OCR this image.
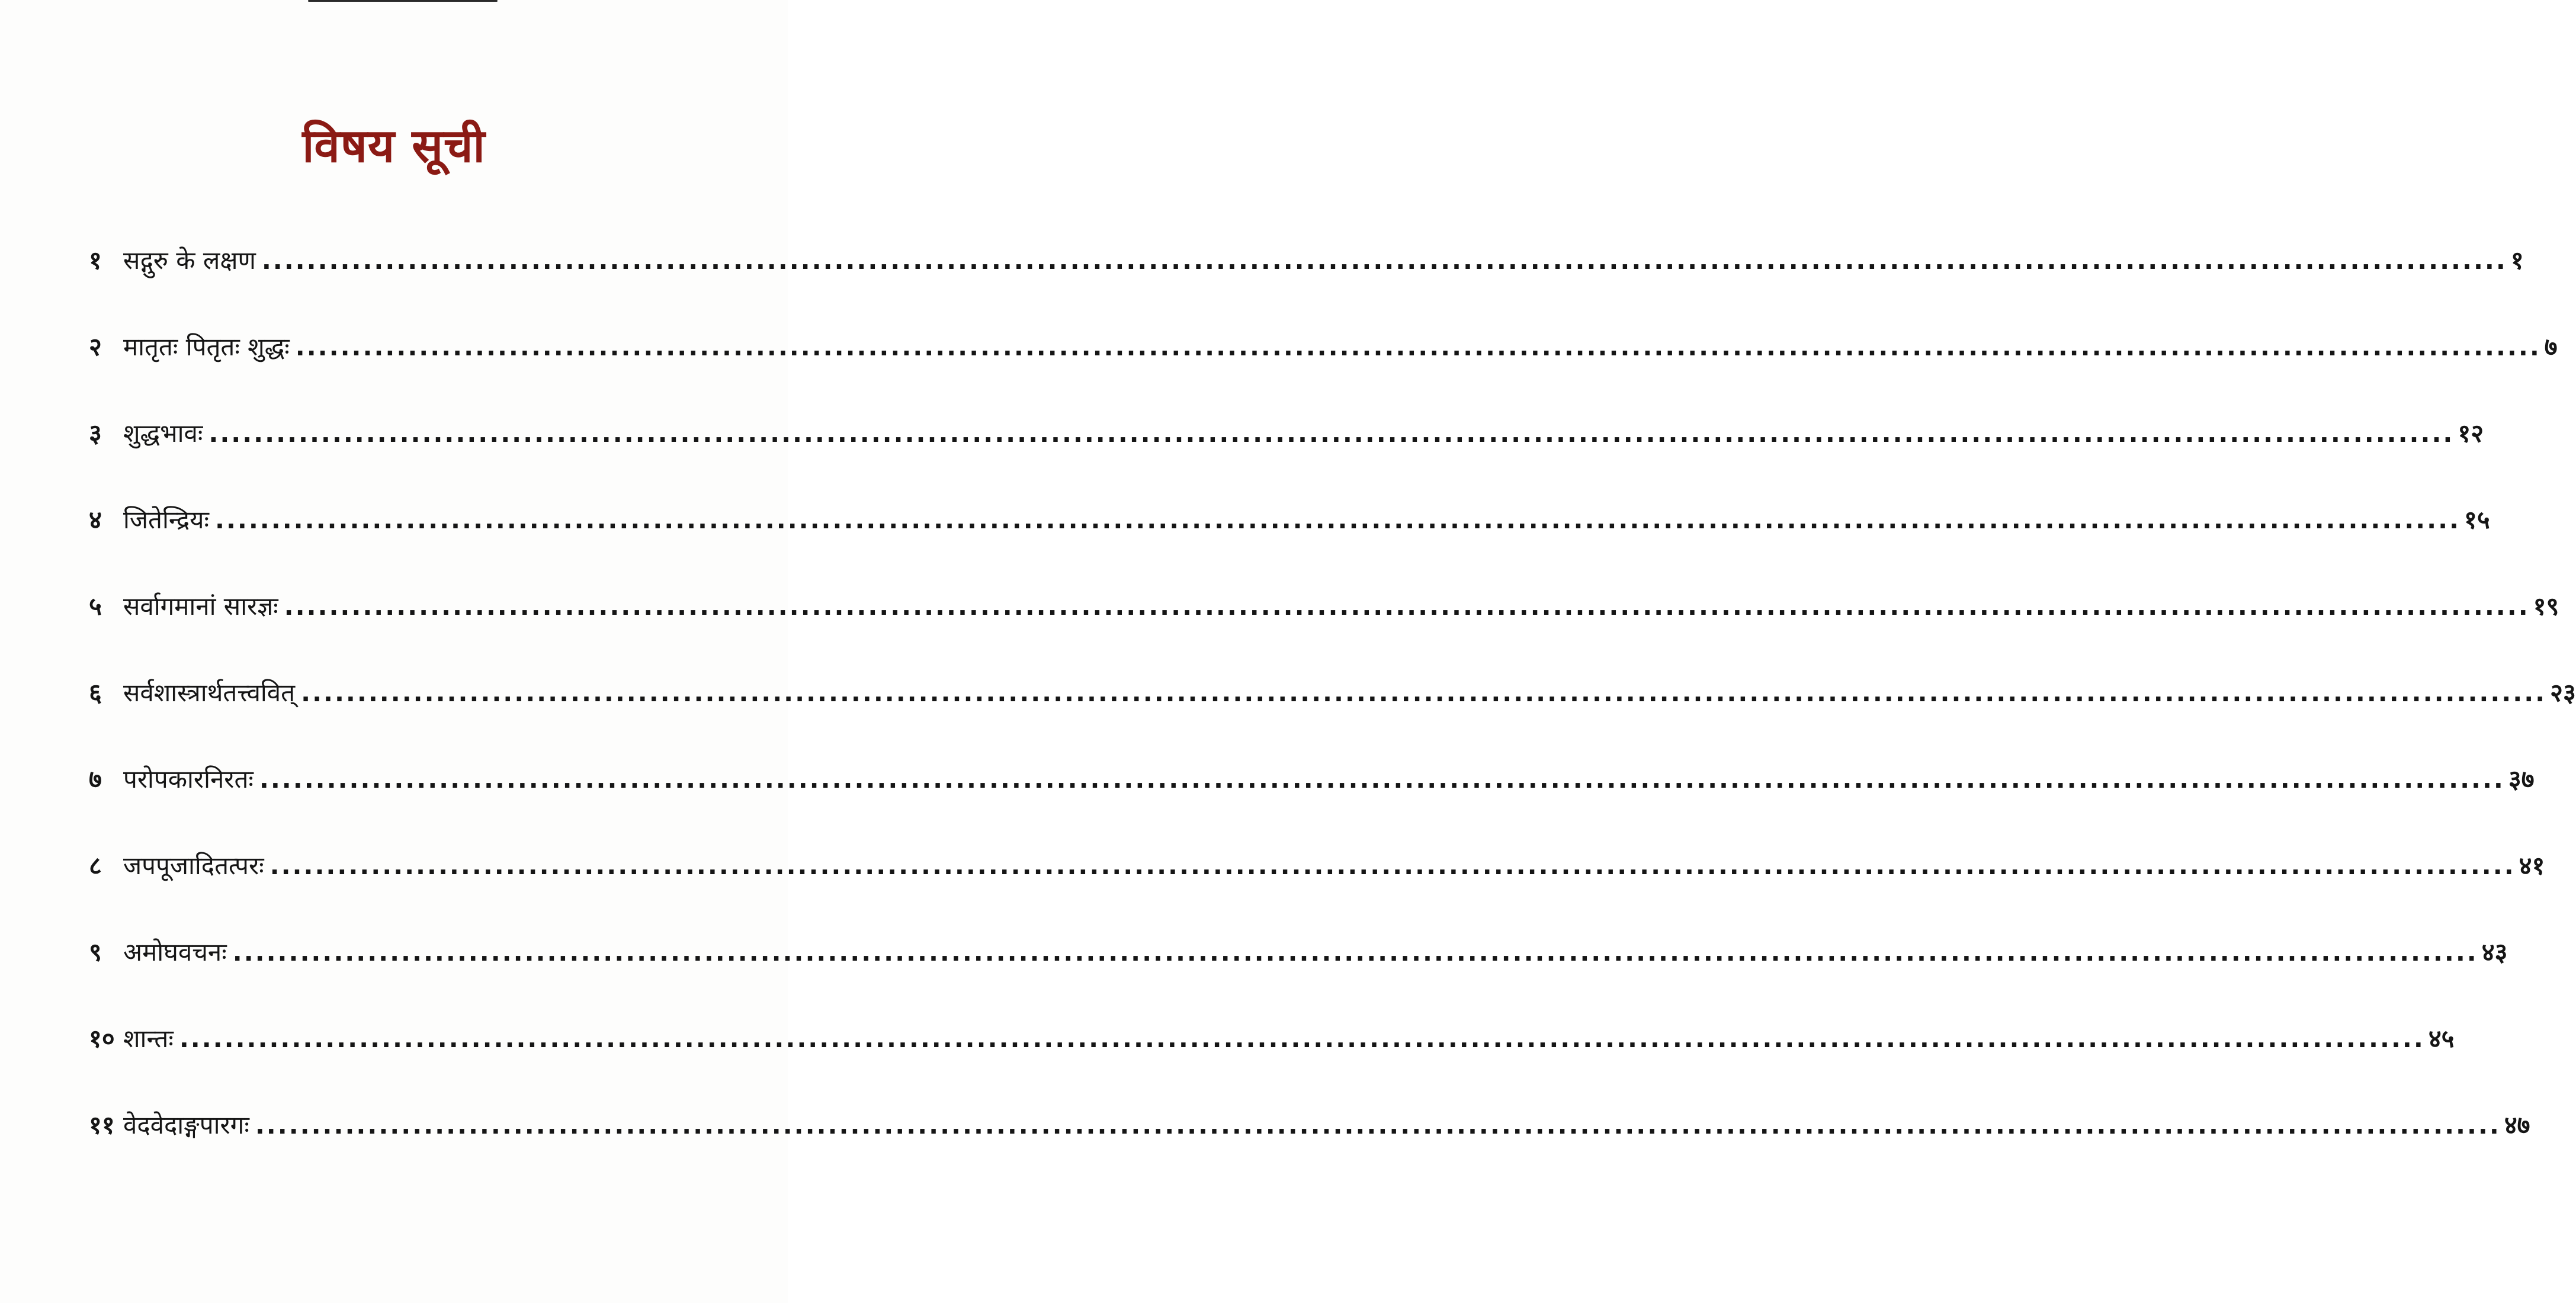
विषय सूची
१ सद्गुरु के लक्षण ........................................................................................................................................................................................................ १
२ मातृतः पितृतः शुद्धः ........................................................................................................................................................................................................ ७
३ शुद्धभावः ........................................................................................................................................................................................................ १२
४ जितेन्द्रियः ........................................................................................................................................................................................................ १५
५ सर्वागमानां सारज्ञः ........................................................................................................................................................................................................ १९
६ सर्वशास्त्रार्थतत्त्ववित् ........................................................................................................................................................................................................ २३
७ परोपकारनिरतः ........................................................................................................................................................................................................ ३७
८ जपपूजादितत्परः ........................................................................................................................................................................................................ ४१
९ अमोघवचनः ........................................................................................................................................................................................................ ४३
१० शान्तः ........................................................................................................................................................................................................ ४५
११ वेदवेदाङ्गपारगः ........................................................................................................................................................................................................ ४७
